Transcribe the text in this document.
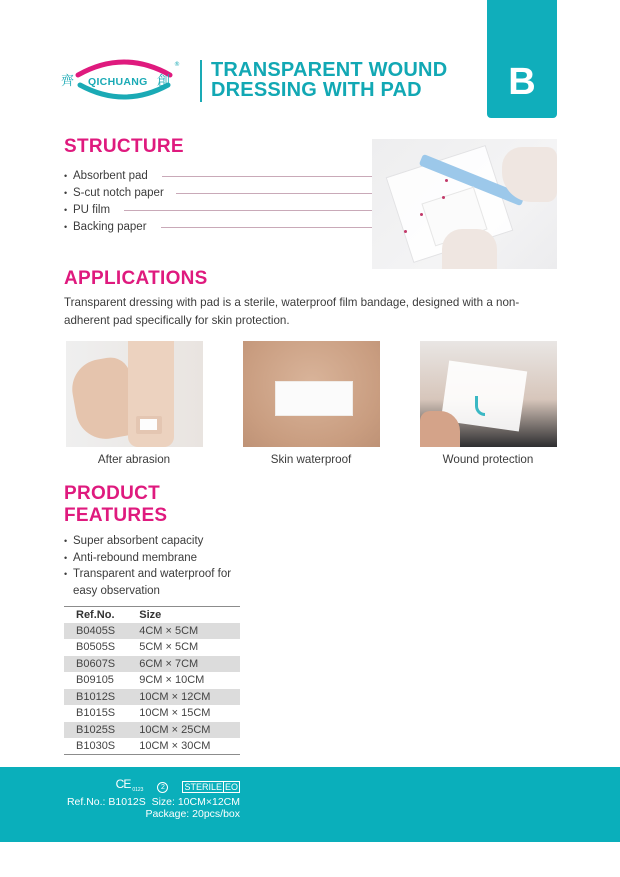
齊 QICHUANG 創
® TRANSPARENT WOUND
DRESSING WITH PAD	B
STRUCTURE
• Absorbent pad
• S-cut notch paper
• PU film
• Backing paper
APPLICATIONS
Transparent dressing with pad is a sterile, waterproof film bandage, designed with a non-adherent pad specifically for skin protection.
After abrasion	Skin waterproof	Wound protection
PRODUCT
FEATURES
• Super absorbent capacity
• Anti-rebound membrane
• Transparent and waterproof for easy observation
Ref.No.	Size
B0405S	4CM × 5CM
B0505S	5CM × 5CM
B0607S	6CM × 7CM
B09105	9CM × 10CM
B1012S	10CM × 12CM
B1015S	10CM × 15CM
B1025S	10CM × 25CM
B1030S	10CM × 30CM
CE $_{0123}$	2	STERILE EO
Ref.No.: B1012S  Size: 10CM×12CM
Package: 20pcs/box
